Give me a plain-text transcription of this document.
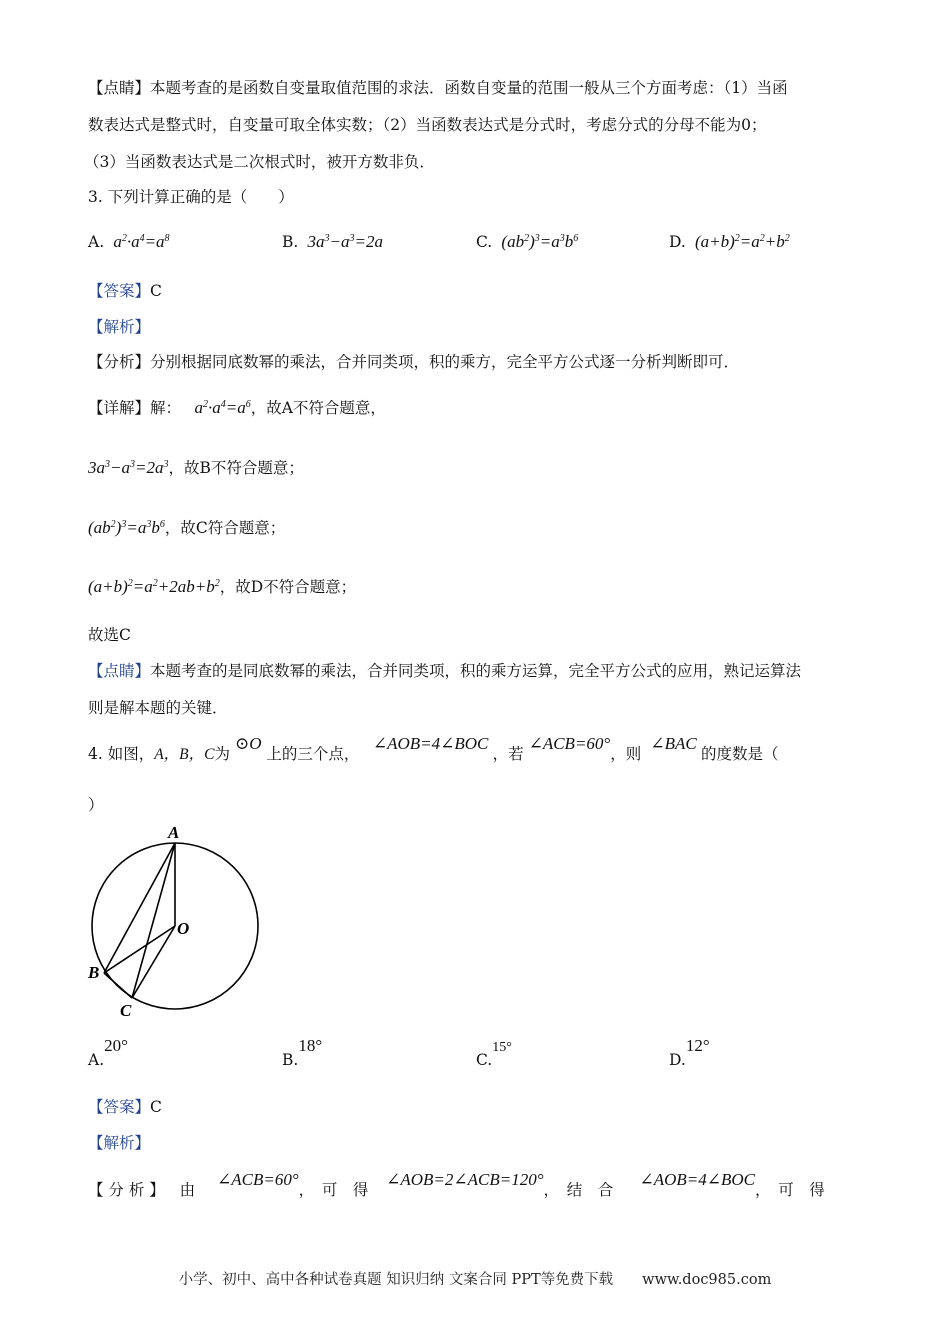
【点睛】本题考查的是函数自变量取值范围的求法．函数自变量的范围一般从三个方面考虑：（1）当函
数表达式是整式时，自变量可取全体实数；（2）当函数表达式是分式时，考虑分式的分母不能为0；
（3）当函数表达式是二次根式时，被开方数非负．
3. 下列计算正确的是（　　）
A.  $a^2\cdot a^4=a^8$	B.  $3a^3-a^3=2a$	C.  $(ab^2)^3=a^3b^6$	D.  $(a+b)^2=a^2+b^2$
【答案】C
【解析】
【分析】分别根据同底数幂的乘法，合并同类项，积的乘方，完全平方公式逐一分析判断即可．
【详解】解：   $a^2\cdot a^4=a^6$，故A不符合题意，
$3a^3-a^3=2a^3$，故B不符合题意；
$(ab^2)^3=a^3b^6$，故C符合题意；
$(a+b)^2=a^2+2ab+b^2$，故D不符合题意；
故选C
【点睛】本题考查的是同底数幂的乘法，合并同类项，积的乘方运算，完全平方公式的应用，熟记运算法
则是解本题的关键．
4. 如图，A，B，C为 ⊙O 上的三个点，   ∠AOB=4∠BOC ，若 ∠ACB=60°，则  ∠BAC 的度数是（
）
A
B
C
O
A.20°
B.18°
C.15°
D.12°
【答案】C
【解析】
【 分 析 】 由     ∠ACB=60°，　可　得    ∠AOB=2∠ACB=120°，　结　合      ∠AOB=4∠BOC，　可　得
小学、初中、高中各种试卷真题 知识归纳 文案合同 PPT等免费下载　　www.doc985.com
